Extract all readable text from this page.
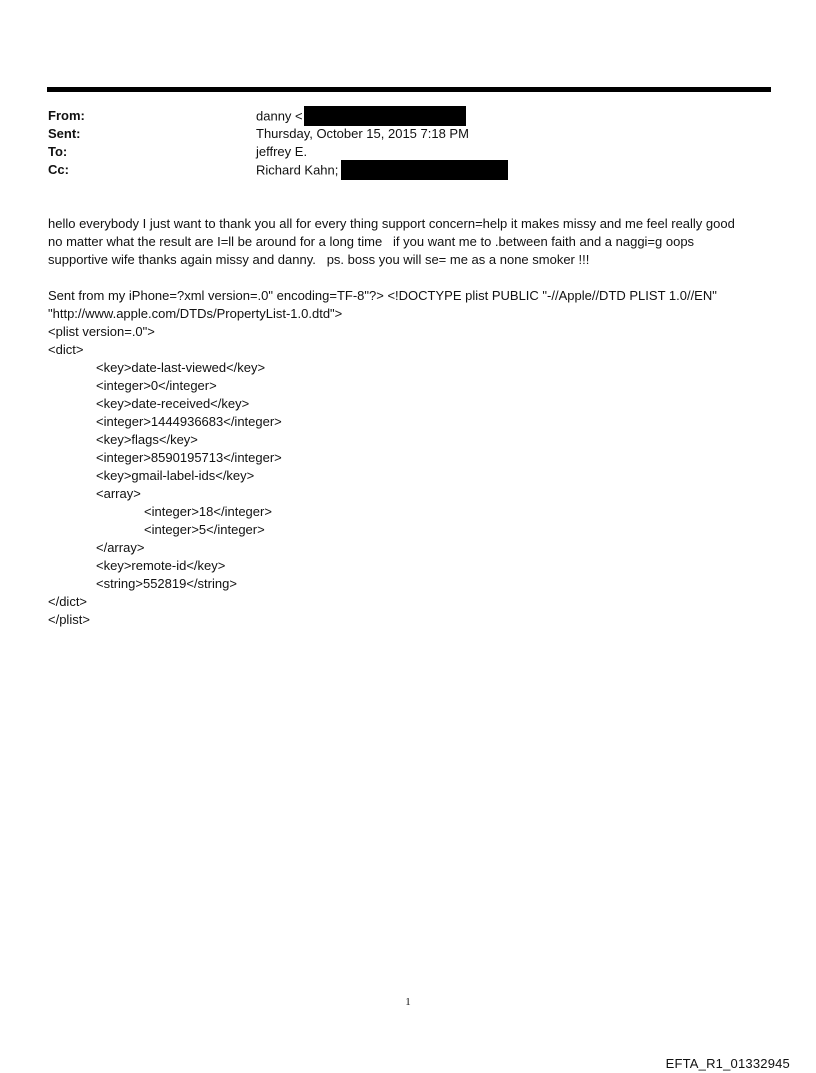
From:	danny <
Sent:	Thursday, October 15, 2015 7:18 PM
To:	jeffrey E.
Cc:	Richard Kahn;
hello everybody I just want to thank you all for every thing support concern=help it makes missy and me feel really good
no matter what the result are I=ll be around for a long time   if you want me to .between faith and a naggi=g oops
supportive wife thanks again missy and danny.   ps. boss you will se= me as a none smoker !!!
Sent from my iPhone=?xml version=.0" encoding=TF-8"?> <!DOCTYPE plist PUBLIC "-//Apple//DTD PLIST 1.0//EN"
"http://www.apple.com/DTDs/PropertyList-1.0.dtd">
<plist version=.0">
<dict>
<key>date-last-viewed</key>
<integer>0</integer>
<key>date-received</key>
<integer>1444936683</integer>
<key>flags</key>
<integer>8590195713</integer>
<key>gmail-label-ids</key>
<array>
<integer>18</integer>
<integer>5</integer>
</array>
<key>remote-id</key>
<string>552819</string>
</dict>
</plist>
1
EFTA_R1_01332945
